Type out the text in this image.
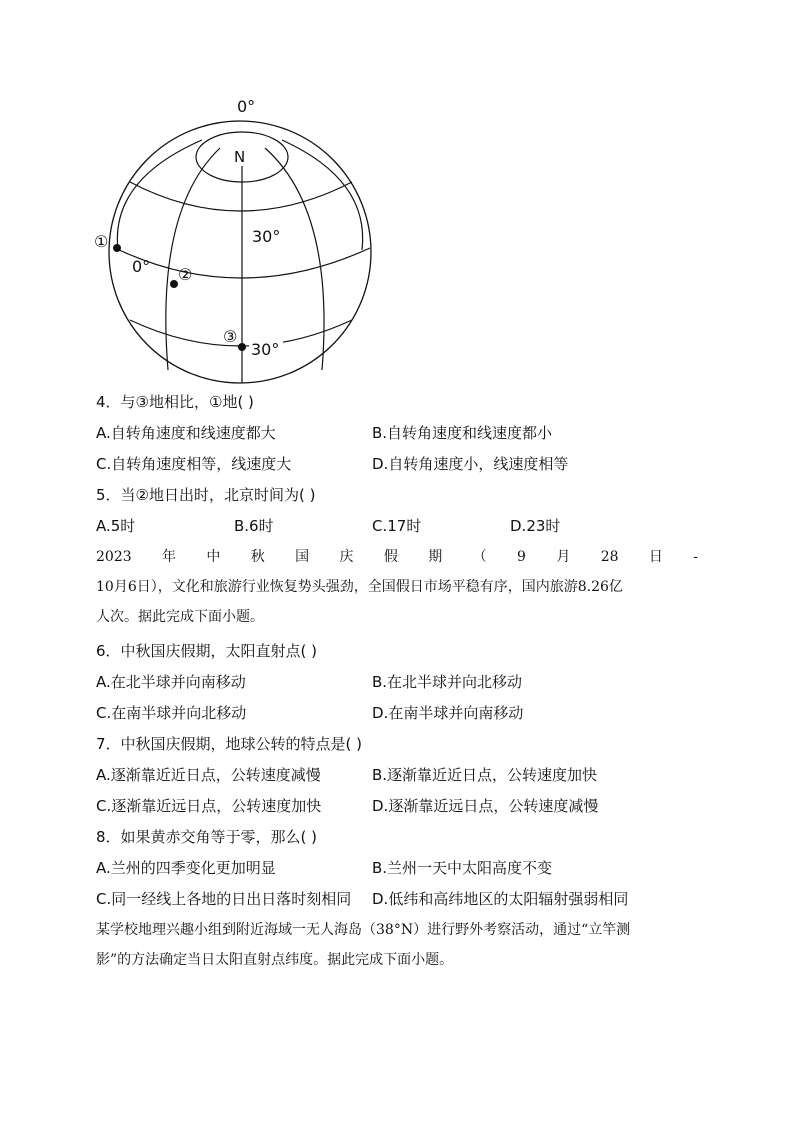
N
0°
30°
0°
30°
①
②
③
4．与③地相比，①地( )
A.自转角速度和线速度都大	B.自转角速度和线速度都小
C.自转角速度相等，线速度大	D.自转角速度小，线速度相等
5．当②地日出时，北京时间为( )
A.5时	B.6时	C.17时	D.23时
2023 年 中 秋 国 庆 假 期 （ 9 月 28 日 -
10月6日），文化和旅游行业恢复势头强劲，全国假日市场平稳有序，国内旅游8.26亿
人次。据此完成下面小题。
6．中秋国庆假期，太阳直射点( )
A.在北半球并向南移动	B.在北半球并向北移动
C.在南半球并向北移动	D.在南半球并向南移动
7．中秋国庆假期，地球公转的特点是( )
A.逐渐靠近近日点，公转速度减慢	B.逐渐靠近近日点，公转速度加快
C.逐渐靠近远日点，公转速度加快	D.逐渐靠近远日点，公转速度减慢
8．如果黄赤交角等于零，那么( )
A.兰州的四季变化更加明显	B.兰州一天中太阳高度不变
C.同一经线上各地的日出日落时刻相同 D.低纬和高纬地区的太阳辐射强弱相同
某学校地理兴趣小组到附近海域一无人海岛（38°N）进行野外考察活动，通过“立竿测
影”的方法确定当日太阳直射点纬度。据此完成下面小题。
